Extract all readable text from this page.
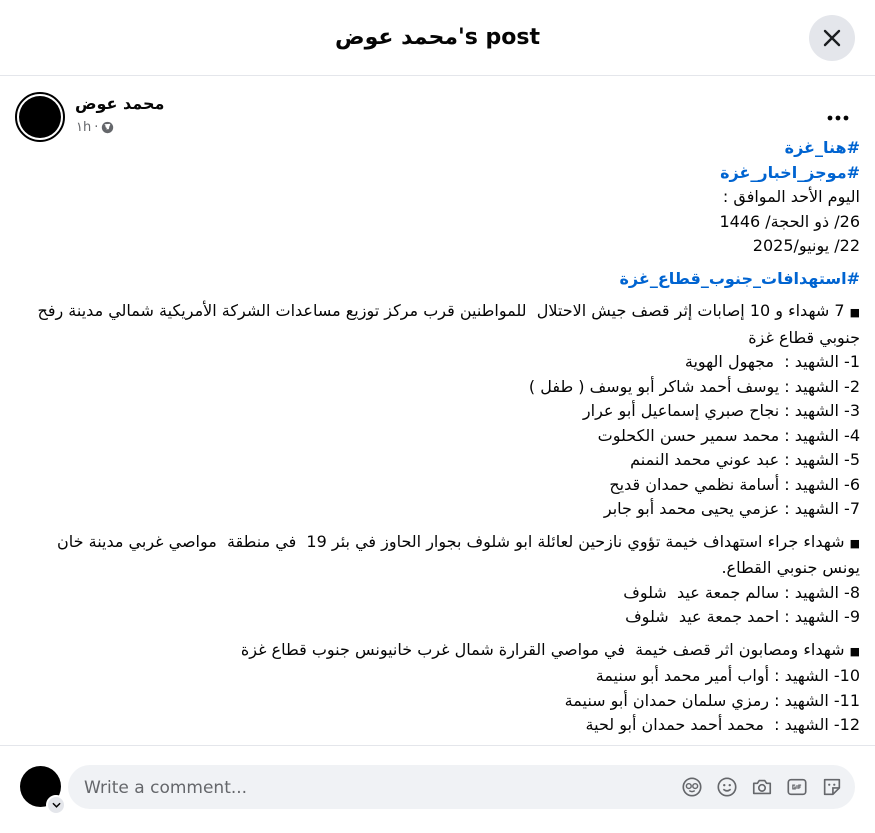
محمد عوض's post
محمد عوض
١h ·
#هنا_غزة
#موجز_اخبار_غزة
اليوم الأحد الموافق :
26/ ذو الحجة/ 1446
22/ يونيو/2025
#استهدافات_جنوب_قطاع_غزة
■ 7 شهداء و 10 إصابات إثر قصف جيش الاحتلال  للمواطنين قرب مركز توزيع مساعدات الشركة الأمريكية شمالي مدينة رفح جنوبي قطاع غزة
1- الشهيد :  مجهول الهوية
2- الشهيد : يوسف أحمد شاكر أبو يوسف ( طفل )
3- الشهيد : نجاح صبري إسماعيل أبو عرار
4- الشهيد : محمد سمير حسن الكحلوت
5- الشهيد : عبد عوني محمد النمنم
6- الشهيد : أسامة نظمي حمدان قديح
7- الشهيد : عزمي يحيى محمد أبو جابر
■ شهداء جراء استهداف خيمة تؤوي نازحين لعائلة ابو شلوف بجوار الحاوز في بئر 19  في منطقة  مواصي غربي مدينة خان يونس جنوبي القطاع.
8- الشهيد : سالم جمعة عيد  شلوف
9- الشهيد : احمد جمعة عيد  شلوف
■ شهداء ومصابون اثر قصف خيمة  في مواصي القرارة شمال غرب خانيونس جنوب قطاع غزة
10- الشهيد : أواب أمير محمد أبو سنيمة
11- الشهيد : رمزي سلمان حمدان أبو سنيمة
12- الشهيد :  محمد أحمد حمدان أبو لحية
Write a comment...
